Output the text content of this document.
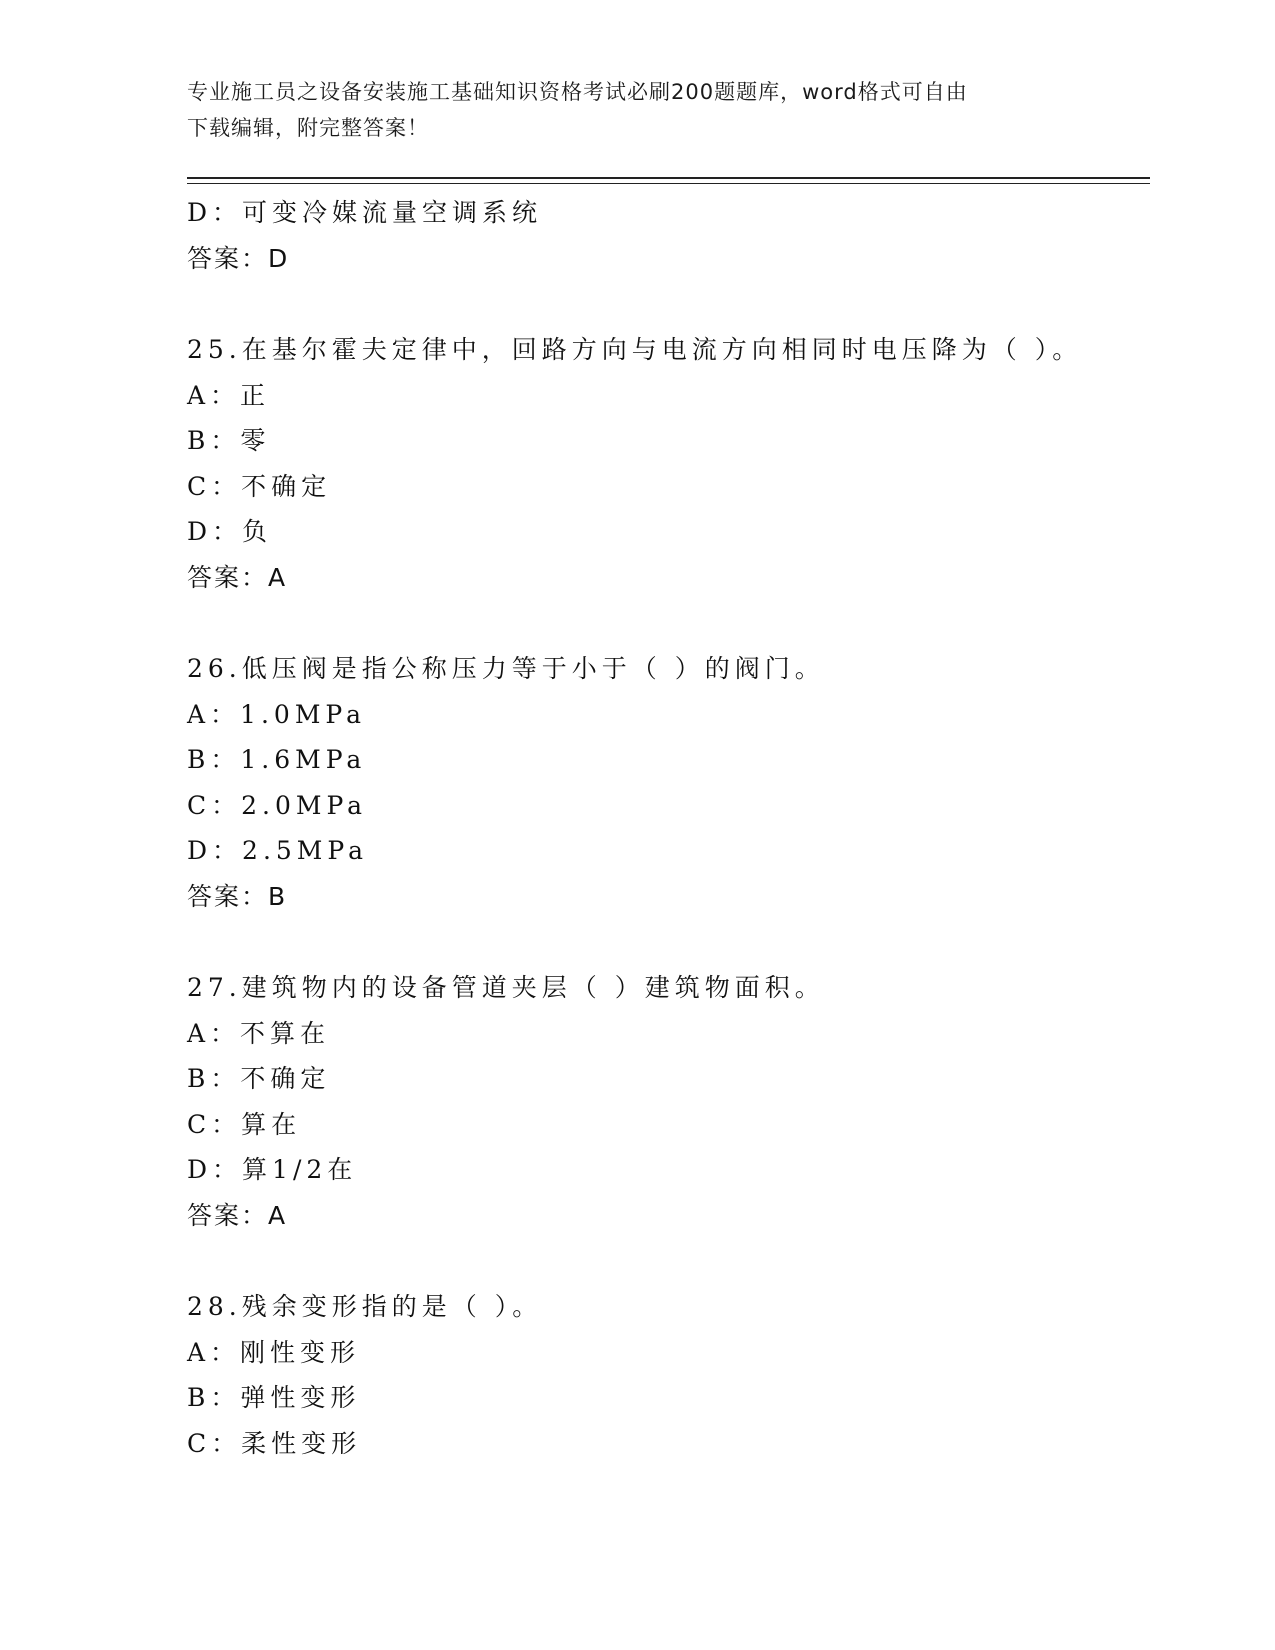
专业施工员之设备安装施工基础知识资格考试必刷200题题库，word格式可自由
下载编辑，附完整答案！
D：可变冷媒流量空调系统
答案：D
25.在基尔霍夫定律中，回路方向与电流方向相同时电压降为（ ）。
A：正
B：零
C：不确定
D：负
答案：A
26.低压阀是指公称压力等于小于（ ）的阀门。
A：1.0MPa
B：1.6MPa
C：2.0MPa
D：2.5MPa
答案：B
27.建筑物内的设备管道夹层（ ）建筑物面积。
A：不算在
B：不确定
C：算在
D：算1/2在
答案：A
28.残余变形指的是（ ）。
A：刚性变形
B：弹性变形
C：柔性变形
